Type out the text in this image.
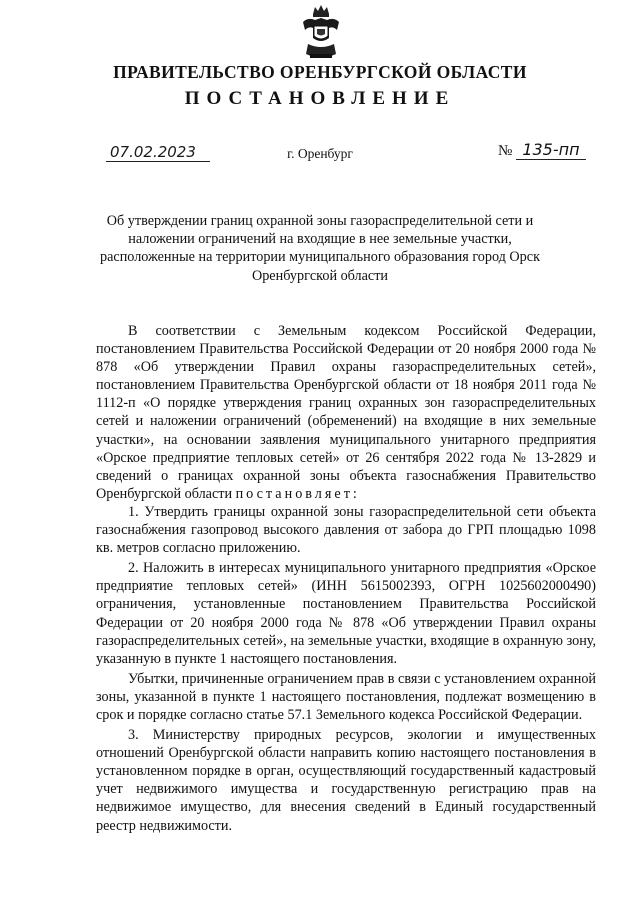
ПРАВИТЕЛЬСТВО ОРЕНБУРГСКОЙ ОБЛАСТИ
ПОСТАНОВЛЕНИЕ
07.02.2023	г. Оренбург	№ 135-пп
Об утверждении границ охранной зоны газораспределительной сети и наложении ограничений на входящие в нее земельные участки, расположенные на территории муниципального образования город Орск Оренбургской области

В соответствии с Земельным кодексом Российской Федерации, постановлением Правительства Российской Федерации от 20 ноября 2000 года № 878 «Об утверждении Правил охраны газораспределительных сетей», постановлением Правительства Оренбургской области от 18 ноября 2011 года № 1112-п «О порядке утверждения границ охранных зон газораспределительных сетей и наложении ограничений (обременений) на входящие в них земельные участки», на основании заявления муниципального унитарного предприятия «Орское предприятие тепловых сетей» от 26 сентября 2022 года № 13-2829 и сведений о границах охранной зоны объекта газоснабжения Правительство Оренбургской области постановляет:

1. Утвердить границы охранной зоны газораспределительной сети объекта газоснабжения газопровод высокого давления от забора до ГРП площадью 1098 кв. метров согласно приложению.

2. Наложить в интересах муниципального унитарного предприятия «Орское предприятие тепловых сетей» (ИНН 5615002393, ОГРН 1025602000490) ограничения, установленные постановлением Правительства Российской Федерации от 20 ноября 2000 года № 878 «Об утверждении Правил охраны газораспределительных сетей», на земельные участки, входящие в охранную зону, указанную в пункте 1 настоящего постановления.

Убытки, причиненные ограничением прав в связи с установлением охранной зоны, указанной в пункте 1 настоящего постановления, подлежат возмещению в срок и порядке согласно статье 57.1 Земельного кодекса Российской Федерации.

3. Министерству природных ресурсов, экологии и имущественных отношений Оренбургской области направить копию настоящего постановления в установленном порядке в орган, осуществляющий государственный кадастровый учет недвижимого имущества и государственную регистрацию прав на недвижимое имущество, для внесения сведений в Единый государственный реестр недвижимости.
